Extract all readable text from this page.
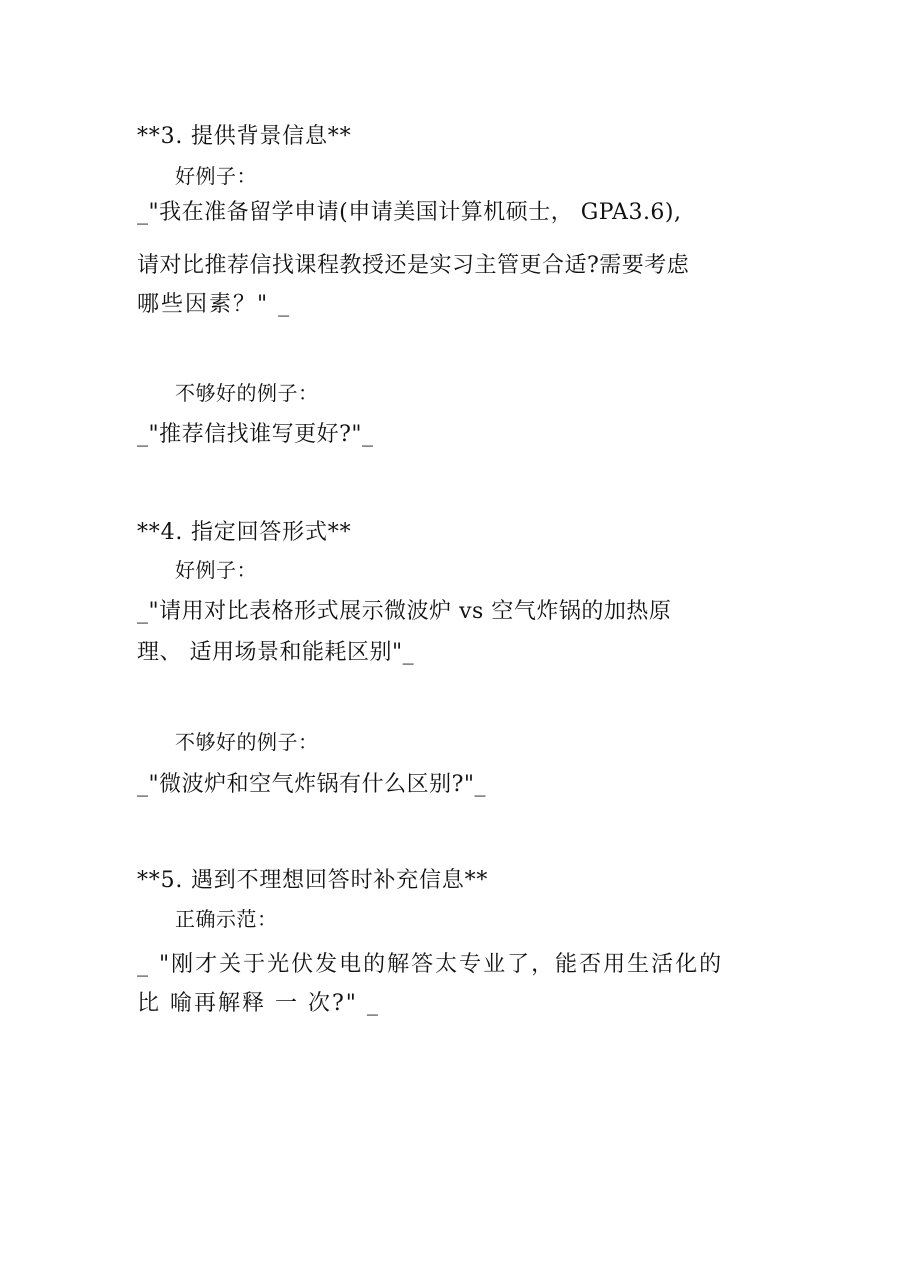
**3. 提供背景信息**
好例子：
_"我在准备留学申请(申请美国计算机硕士， GPA3.6),
请对比推荐信找课程教授还是实习主管更合适?需要考虑
哪些因素？" _
不够好的例子：
_"推荐信找谁写更好?"_
**4. 指定回答形式**
好例子：
_"请用对比表格形式展示微波炉 vs 空气炸锅的加热原
理、 适用场景和能耗区别"_
不够好的例子：
_"微波炉和空气炸锅有什么区别?"_
**5. 遇到不理想回答时补充信息**
正确示范：
_ "刚才关于光伏发电的解答太专业了，能否用生活化的
比 喻再解释 一 次?" _
